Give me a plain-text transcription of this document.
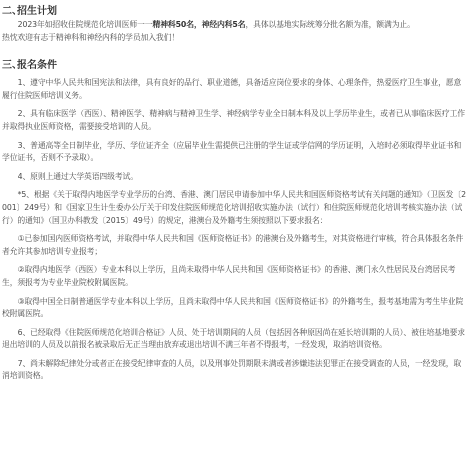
二、
招生计划

2023年如招收住院规范化培训医师一一精神科50名，神经内科5名，具体以基地实际统筹分批名额为准，额满为止。

热忱欢迎有志于精神科和神经内科的学员加入我们！

三、
报名条件

1、遵守中华人民共和国宪法和法律，具有良好的品行、职业道德，具备适应岗位要求的身体、心理条件，热爱医疗卫生事业，愿意履行住院医师培训义务。

2、具有临床医学（西医）、精神医学、精神病与精神卫生学、神经病学专业全日制本科及以上学历毕业生，或者已从事临床医疗工作并取得执业医师资格，需要接受培训的人员。

3、普通高等全日制毕业，学历、学位证齐全（应届毕业生需提供已注册的学生证或学信网的学历证明，入培时必须取得毕业证书和学位证书，否则不予录取）。

4、原则上通过大学英语四级考试。

*5、根据《关于取得内地医学专业学历的台湾、香港、澳门居民申请参加中华人民共和国医师资格考试有关问题的通知》（卫医发〔2001〕249号）和《国家卫生计生委办公厅关于印发住院医师规范化培训招收实施办法（试行）和住院医师规范化培训考核实施办法（试行）的通知》（国卫办科教发〔2015〕49号）的规定，港澳台及外籍考生须按照以下要求报名：

①已参加国内医师资格考试，并取得中华人民共和国《医师资格证书》的港澳台及外籍考生，对其资格进行审核，符合具体报名条件者允许其参加培训专业报考；

②取得内地医学（西医）专业本科以上学历，且尚未取得中华人民共和国《医师资格证书》的香港、澳门永久性居民及台湾居民考生，须报考为专业毕业院校附属医院。

③取得中国全日制普通医学专业本科以上学历，且尚未取得中华人民共和国《医师资格证书》的外籍考生，报考基地需为考生毕业院校附属医院。

6、已经取得《住院医师规范化培训合格证》人员、处于培训期间的人员（包括因各种原因尚在延长培训期的人员）、被住培基地要求退出培训的人员及以前报名被录取后无正当理由放弃或退出培训不满三年者不得报考，一经发现，取消培训资格。

7、尚未解除纪律处分或者正在接受纪律审查的人员，以及刑事处罚期限未满或者涉嫌违法犯罪正在接受调查的人员，一经发现，取消培训资格。
